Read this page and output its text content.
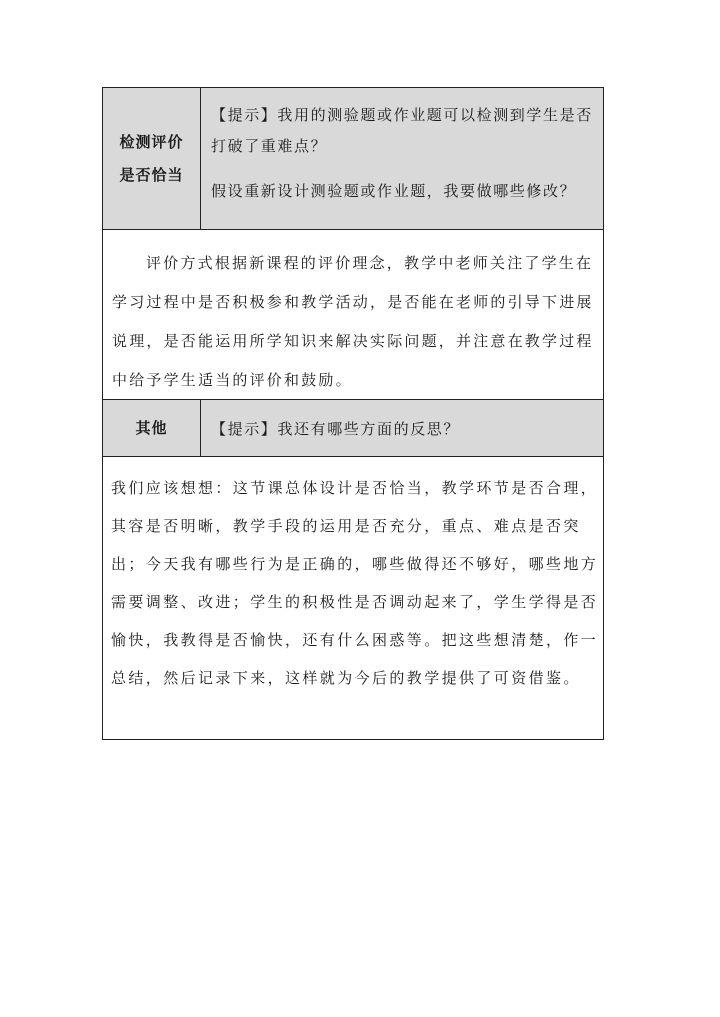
检测评价
是否恰当

【提示】我用的测验题或作业题可以检测到学生是否打破了重难点？

假设重新设计测验题或作业题，我要做哪些修改？

评价方式根据新课程的评价理念，教学中老师关注了学生在学习过程中是否积极参和教学活动，是否能在老师的引导下进展说理，是否能运用所学知识来解决实际问题，并注意在教学过程中给予学生适当的评价和鼓励。

其他	【提示】我还有哪些方面的反思？

我们应该想想：这节课总体设计是否恰当，教学环节是否合理，其容是否明晰，教学手段的运用是否充分，重点、难点是否突出；今天我有哪些行为是正确的，哪些做得还不够好，哪些地方需要调整、改进；学生的积极性是否调动起来了，学生学得是否愉快，我教得是否愉快，还有什么困惑等。把这些想清楚，作一总结，然后记录下来，这样就为今后的教学提供了可资借鉴。
